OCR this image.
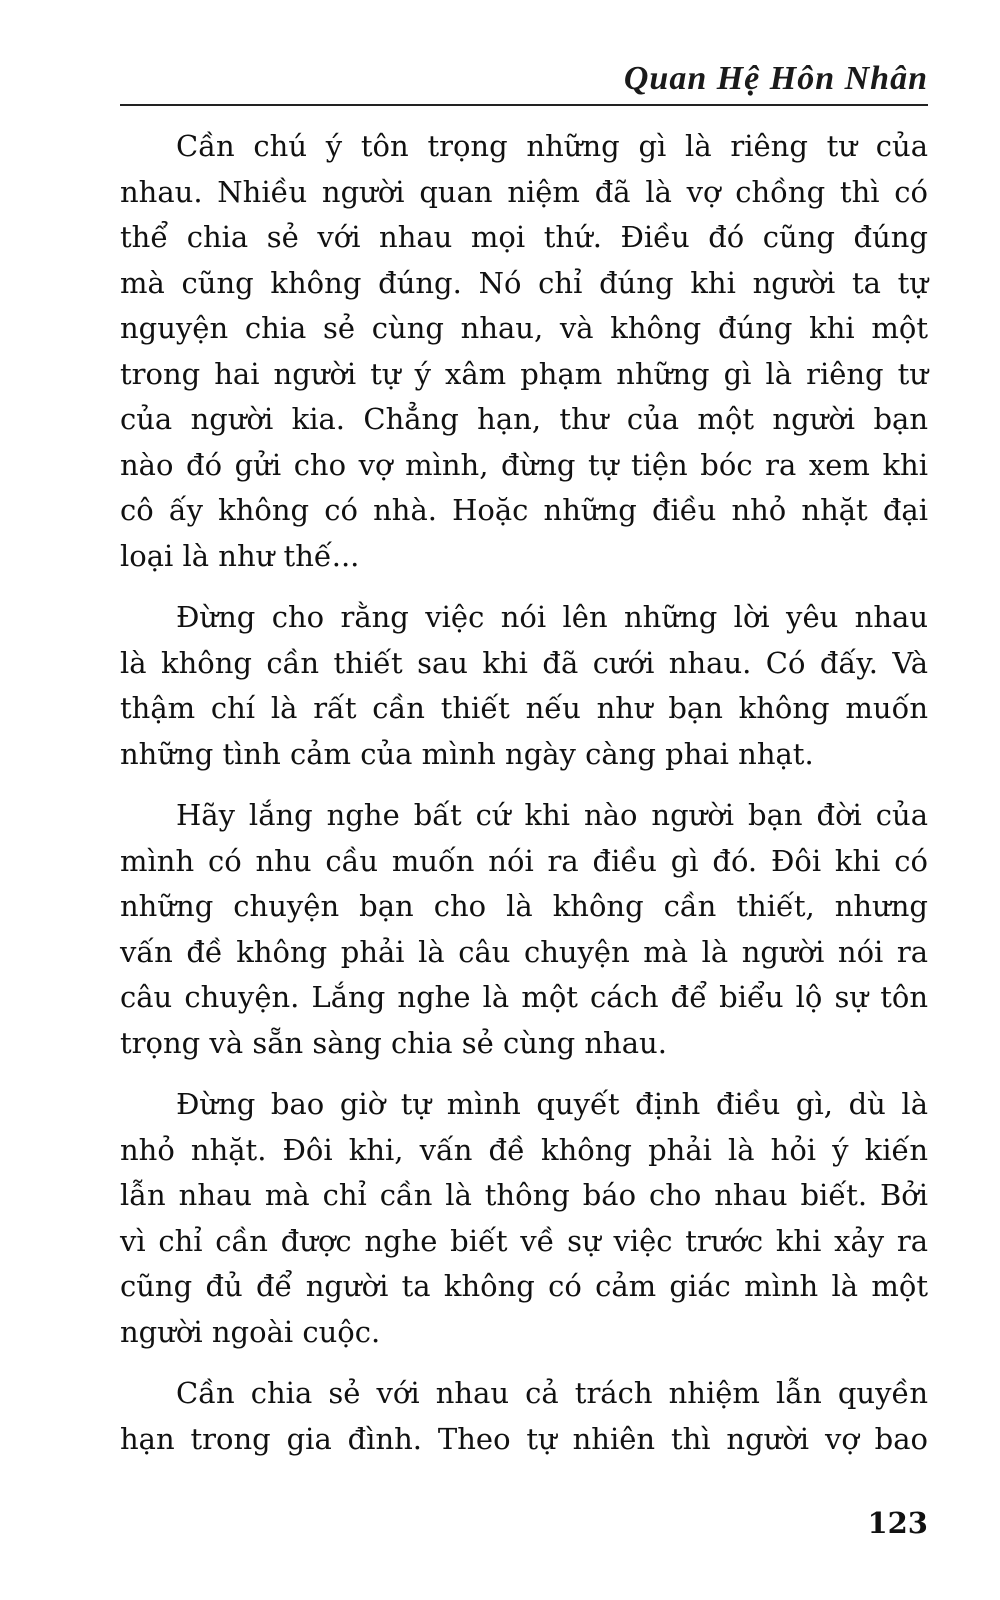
Quan Hệ Hôn Nhân

Cần chú ý tôn trọng những gì là riêng tư của
nhau. Nhiều người quan niệm đã là vợ chồng thì có
thể chia sẻ với nhau mọi thứ. Điều đó cũng đúng
mà cũng không đúng. Nó chỉ đúng khi người ta tự
nguyện chia sẻ cùng nhau, và không đúng khi một
trong hai người tự ý xâm phạm những gì là riêng tư
của người kia. Chẳng hạn, thư của một người bạn
nào đó gửi cho vợ mình, đừng tự tiện bóc ra xem khi
cô ấy không có nhà. Hoặc những điều nhỏ nhặt đại
loại là như thế...

Đừng cho rằng việc nói lên những lời yêu nhau
là không cần thiết sau khi đã cưới nhau. Có đấy. Và
thậm chí là rất cần thiết nếu như bạn không muốn
những tình cảm của mình ngày càng phai nhạt.

Hãy lắng nghe bất cứ khi nào người bạn đời của
mình có nhu cầu muốn nói ra điều gì đó. Đôi khi có
những chuyện bạn cho là không cần thiết, nhưng
vấn đề không phải là câu chuyện mà là người nói ra
câu chuyện. Lắng nghe là một cách để biểu lộ sự tôn
trọng và sẵn sàng chia sẻ cùng nhau.

Đừng bao giờ tự mình quyết định điều gì, dù là
nhỏ nhặt. Đôi khi, vấn đề không phải là hỏi ý kiến
lẫn nhau mà chỉ cần là thông báo cho nhau biết. Bởi
vì chỉ cần được nghe biết về sự việc trước khi xảy ra
cũng đủ để người ta không có cảm giác mình là một
người ngoài cuộc.

Cần chia sẻ với nhau cả trách nhiệm lẫn quyền
hạn trong gia đình. Theo tự nhiên thì người vợ bao

123
